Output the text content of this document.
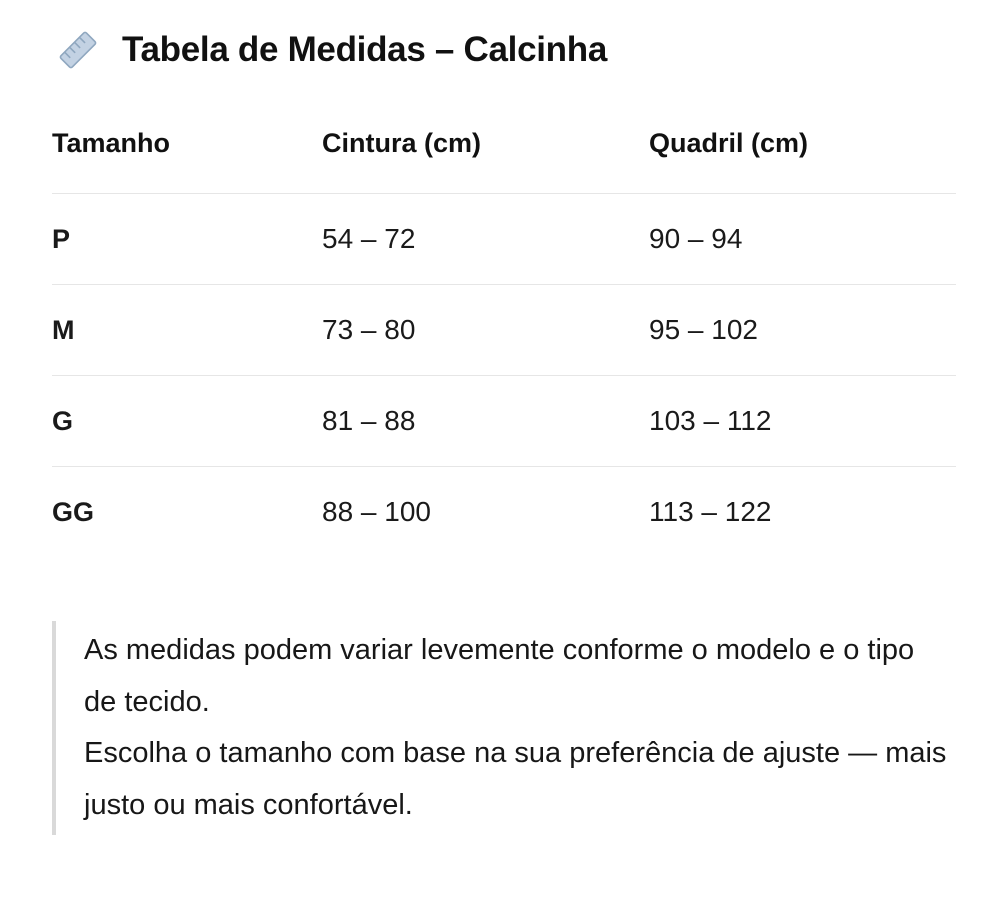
Tabela de Medidas – Calcinha
Tamanho	Cintura (cm)	Quadril (cm)
P	54 – 72	90 – 94
M	73 – 80	95 – 102
G	81 – 88	103 – 112
GG	88 – 100	113 – 122

As medidas podem variar levemente conforme o modelo e o tipo de tecido.

Escolha o tamanho com base na sua preferência de ajuste — mais justo ou mais confortável.
